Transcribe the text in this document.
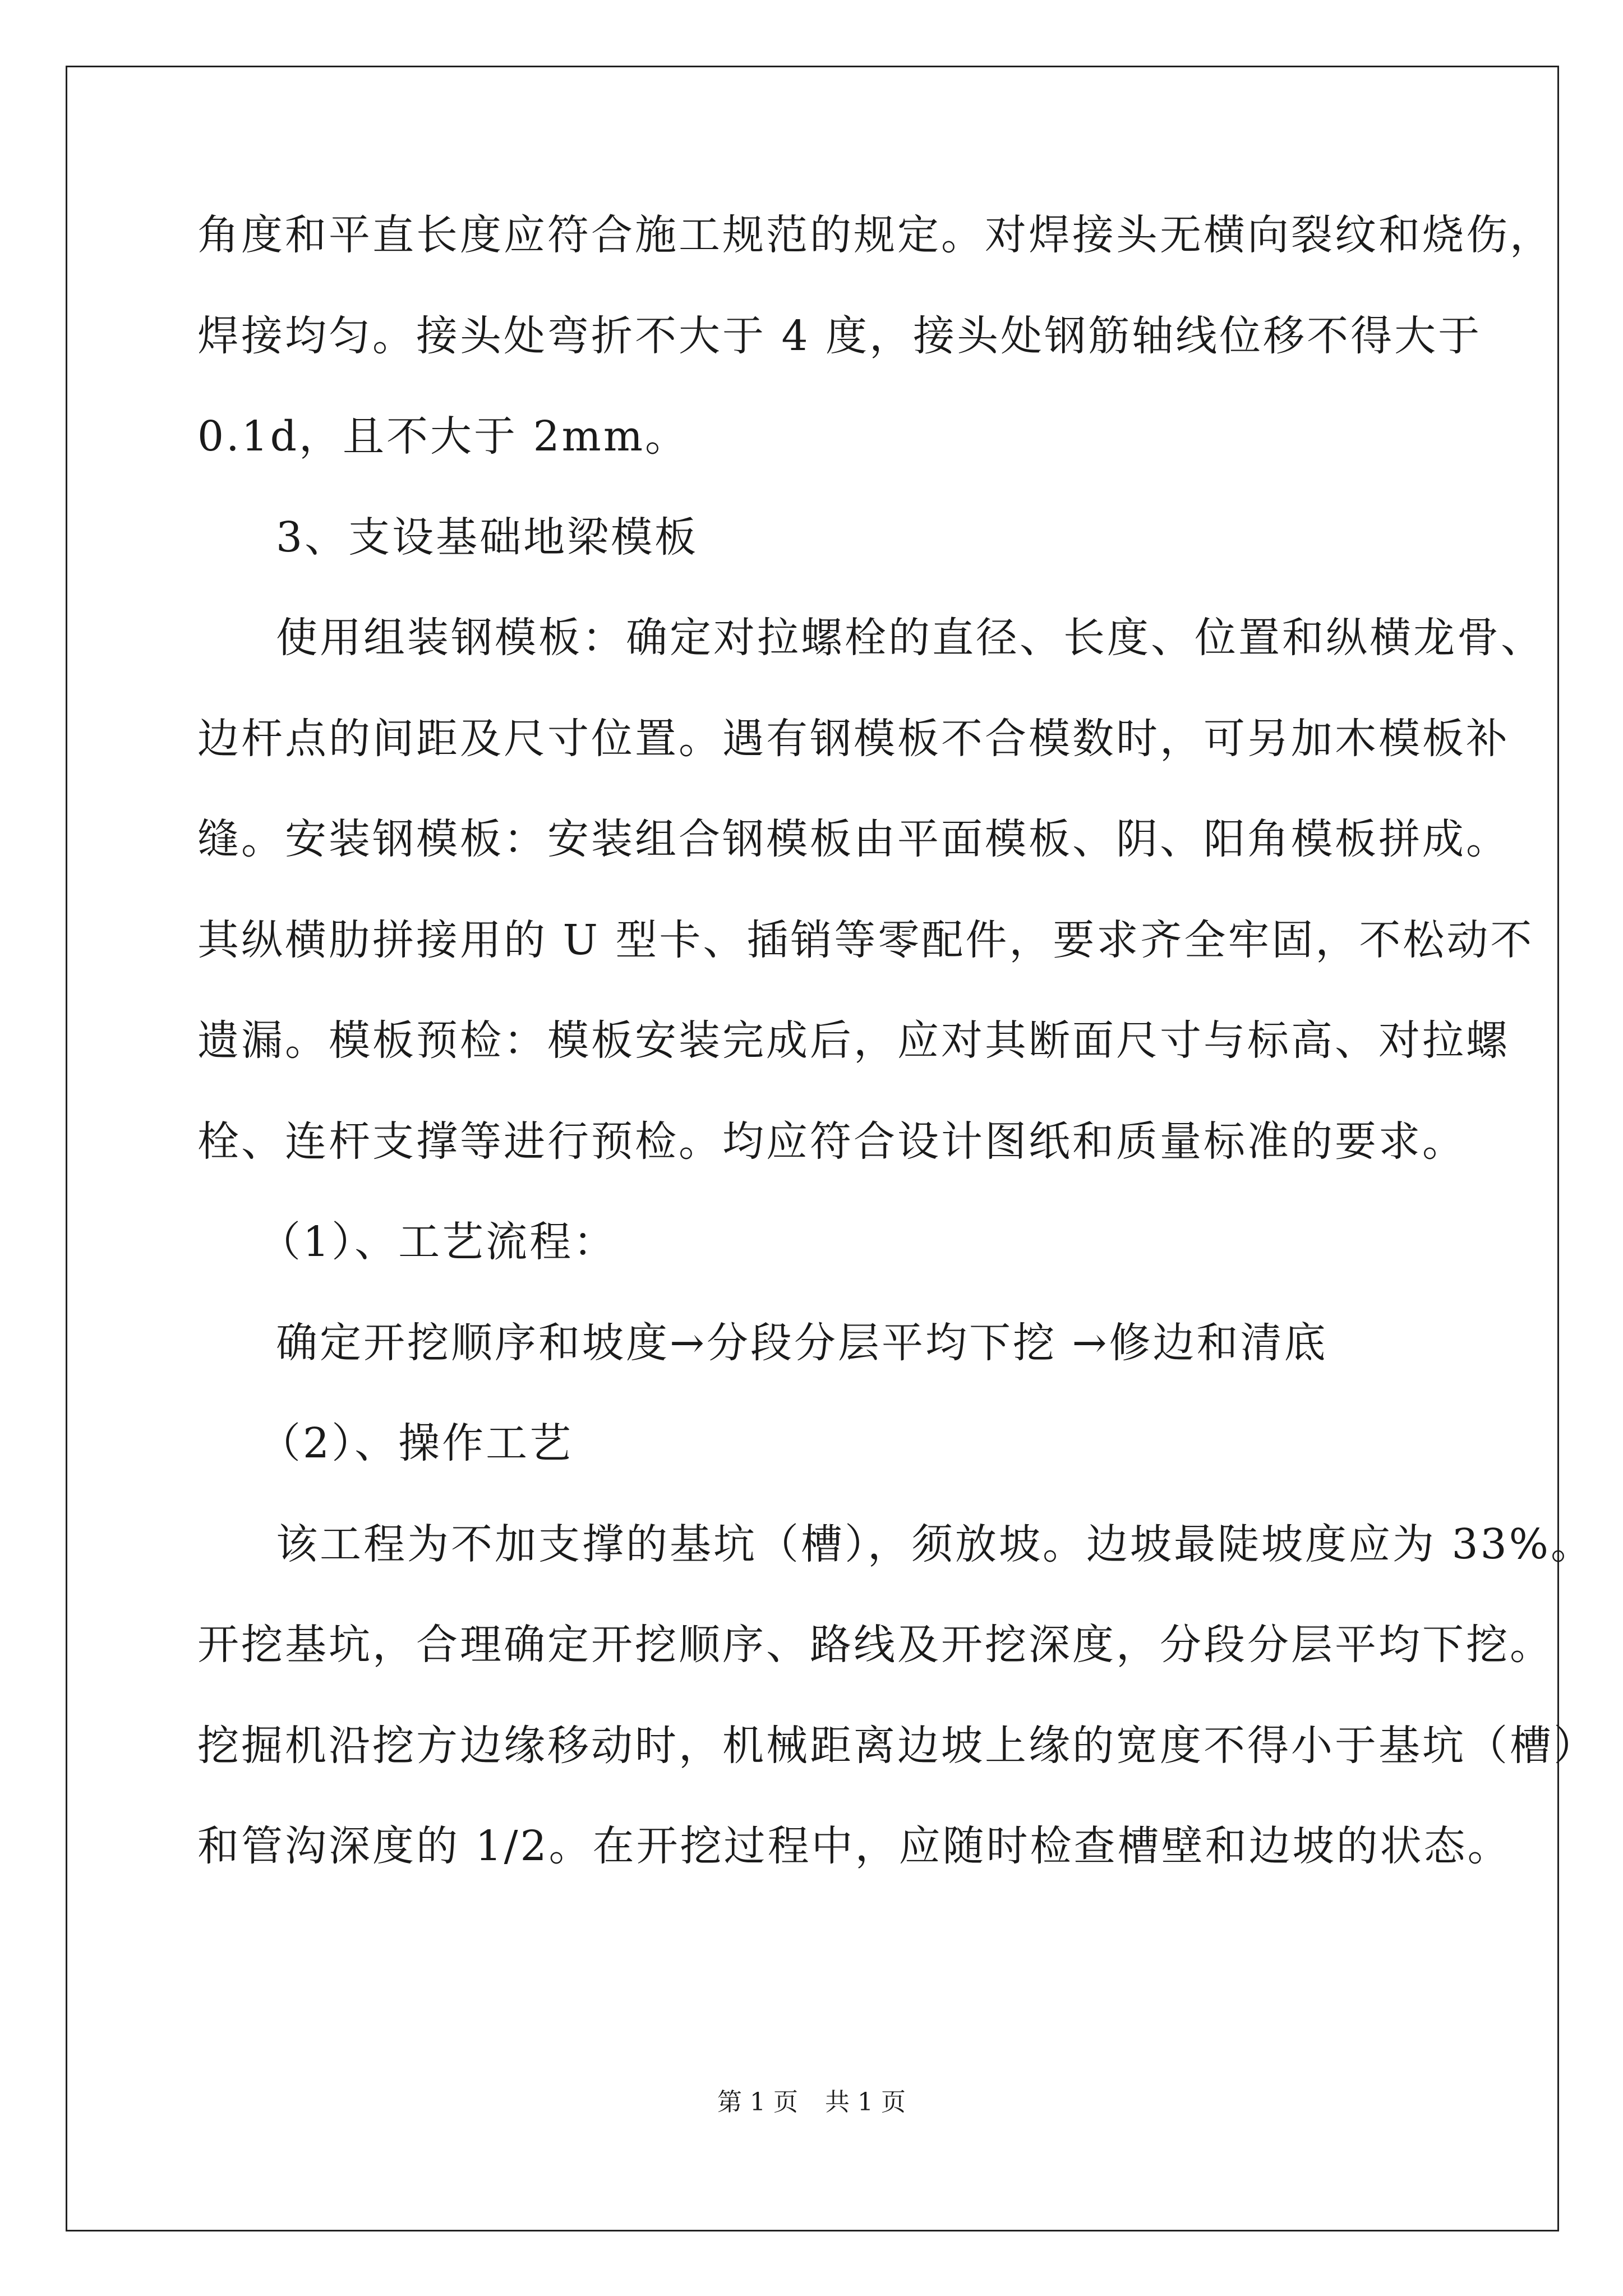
角度和平直长度应符合施工规范的规定。对焊接头无横向裂纹和烧伤，
焊接均匀。接头处弯折不大于 4 度，接头处钢筋轴线位移不得大于
0.1d，且不大于 2mm。
3、支设基础地梁模板
使用组装钢模板：确定对拉螺栓的直径、长度、位置和纵横龙骨、
边杆点的间距及尺寸位置。遇有钢模板不合模数时，可另加木模板补
缝。安装钢模板：安装组合钢模板由平面模板、阴、阳角模板拼成。
其纵横肋拼接用的 U 型卡、插销等零配件，要求齐全牢固，不松动不
遗漏。模板预检：模板安装完成后，应对其断面尺寸与标高、对拉螺
栓、连杆支撑等进行预检。均应符合设计图纸和质量标准的要求。
（1）、工艺流程：
确定开挖顺序和坡度→分段分层平均下挖 →修边和清底
（2）、操作工艺
该工程为不加支撑的基坑（槽），须放坡。边坡最陡坡度应为 33%。
开挖基坑，合理确定开挖顺序、路线及开挖深度，分段分层平均下挖。
挖掘机沿挖方边缘移动时，机械距离边坡上缘的宽度不得小于基坑（槽）
和管沟深度的 1/2。在开挖过程中，应随时检查槽壁和边坡的状态。
第 1 页 共 1 页
